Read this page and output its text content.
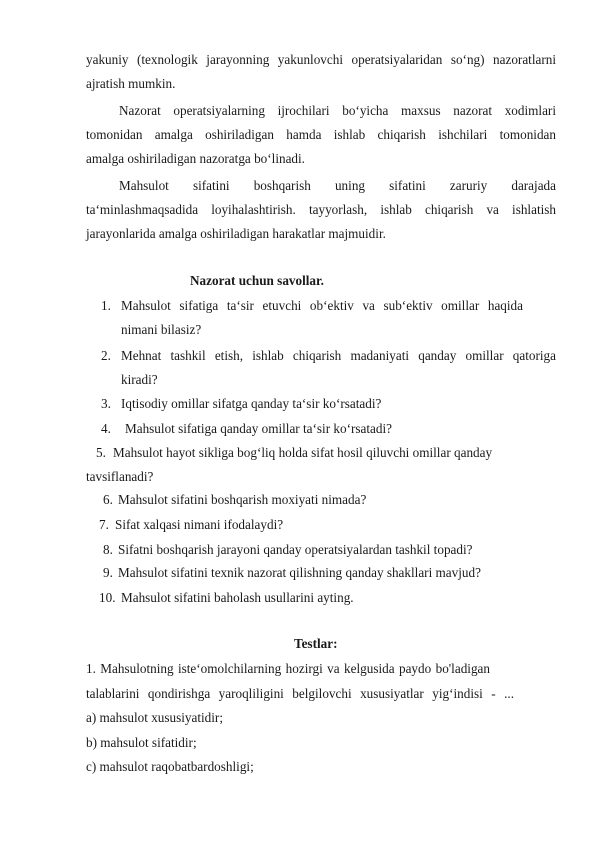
yakuniy (texnologik jarayonning yakunlovchi operatsiyalaridan so‘ng) nazoratlarni
ajratish mumkin.
Nazorat operatsiyalarning ijrochilari bo‘yicha maxsus nazorat xodimlari
tomonidan amalga oshiriladigan hamda ishlab chiqarish ishchilari tomonidan
amalga oshiriladigan nazoratga bo‘linadi.
Mahsulot sifatini boshqarish uning sifatini zaruriy darajada
ta‘minlashmaqsadida loyihalashtirish. tayyorlash, ishlab chiqarish va ishlatish
jarayonlarida amalga oshiriladigan harakatlar majmuidir.
Nazorat uchun savollar.
1. Mahsulot sifatiga ta‘sir etuvchi ob‘ektiv va sub‘ektiv omillar haqida
nimani bilasiz?
2. Mehnat tashkil etish, ishlab chiqarish madaniyati qanday omillar qatoriga
kiradi?
3. Iqtisodiy omillar sifatga qanday ta‘sir ko‘rsatadi?
4. Mahsulot sifatiga qanday omillar ta‘sir ko‘rsatadi?
5. Mahsulot hayot sikliga bog‘liq holda sifat hosil qiluvchi omillar qanday
tavsiflanadi?
6. Mahsulot sifatini boshqarish moxiyati nimada?
7. Sifat xalqasi nimani ifodalaydi?
8. Sifatni boshqarish jarayoni qanday operatsiyalardan tashkil topadi?
9. Mahsulot sifatini texnik nazorat qilishning qanday shakllari mavjud?
10. Mahsulot sifatini baholash usullarini ayting.
Testlar:
1. Mahsulotning iste‘omolchilarning hozirgi va kelgusida paydo bo'ladigan
talablarini qondirishga yaroqliligini belgilovchi xususiyatlar yig‘indisi - ...
a) mahsulot xususiyatidir;
b) mahsulot sifatidir;
c) mahsulot raqobatbardoshligi;
